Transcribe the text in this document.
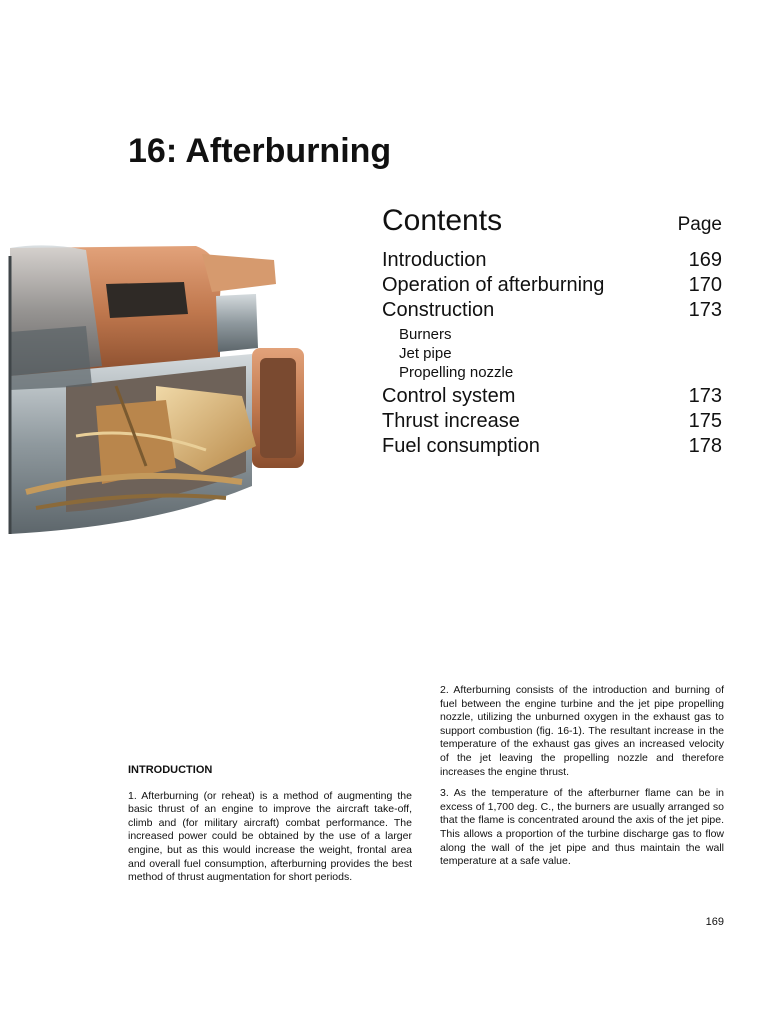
16: Afterburning
Contents	Page
Introduction	169
Operation of afterburning	170
Construction	173
Burners
Jet pipe
Propelling nozzle
Control system	173
Thrust increase	175
Fuel consumption	178
INTRODUCTION

1. Afterburning (or reheat) is a method of augmenting the basic thrust of an engine to improve the aircraft take-off, climb and (for military aircraft) combat performance. The increased power could be obtained by the use of a larger engine, but as this would increase the weight, frontal area and overall fuel consumption, afterburning provides the best method of thrust augmentation for short periods.

2. Afterburning consists of the introduction and burning of fuel between the engine turbine and the jet pipe propelling nozzle, utilizing the unburned oxygen in the exhaust gas to support combustion (fig. 16-1). The resultant increase in the temperature of the exhaust gas gives an increased velocity of the jet leaving the propelling nozzle and therefore increases the engine thrust.

3. As the temperature of the afterburner flame can be in excess of 1,700 deg. C., the burners are usually arranged so that the flame is concentrated around the axis of the jet pipe. This allows a proportion of the turbine discharge gas to flow along the wall of the jet pipe and thus maintain the wall temperature at a safe value.

169
